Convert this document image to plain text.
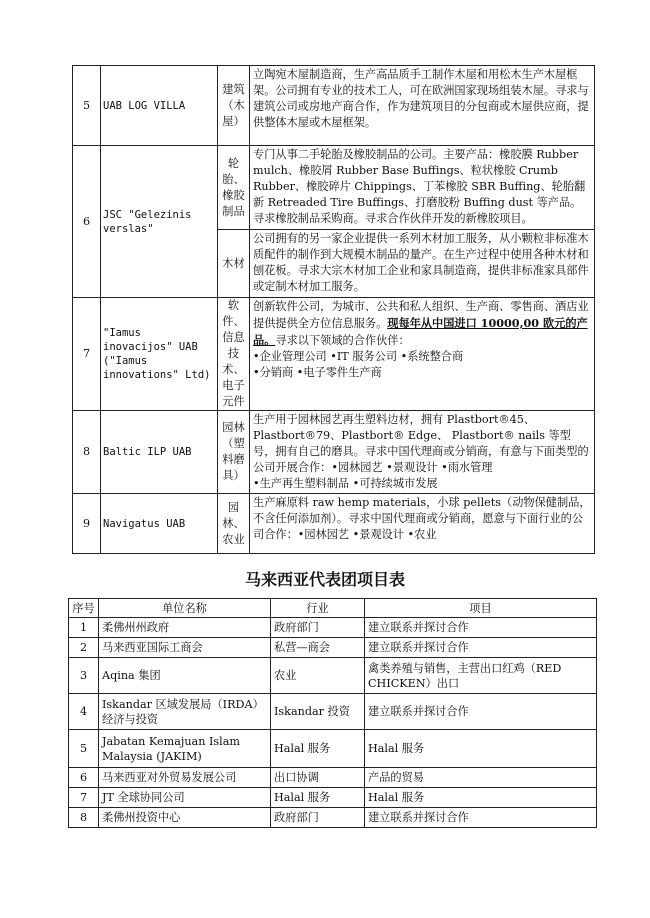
5	UAB LOG VILLA	建筑（木屋）	立陶宛木屋制造商，生产高品质手工制作木屋和用松木生产木屋框架。公司拥有专业的技术工人，可在欧洲国家现场组装木屋。寻求与建筑公司或房地产商合作，作为建筑项目的分包商或木屋供应商，提供整体木屋或木屋框架。
6	JSC "Gelezinis verslas"	轮胎、橡胶制品	专门从事二手轮胎及橡胶制品的公司。主要产品：橡胶膜 Rubber mulch、橡胶屑 Rubber Base Buffings、粒状橡胶 Crumb Rubber、橡胶碎片 Chippings、丁苯橡胶 SBR Buffing、轮胎翻新 Retreaded Tire Buffings、打磨胶粉 Buffing dust 等产品。寻求橡胶制品采购商。寻求合作伙伴开发的新橡胶项目。
		木材	公司拥有的另一家企业提供一系列木材加工服务，从小颗粒非标准木质配件的制作到大规模木制品的量产。在生产过程中使用各种木材和刨花板。寻求大宗木材加工企业和家具制造商，提供非标准家具部件或定制木材加工服务。
7	"Iamus inovacijos" UAB ("Iamus innovations" Ltd)	软件、信息技术、电子元件	创新软件公司，为城市、公共和私人组织、生产商、零售商、酒店业提供提供全方位信息服务。现每年从中国进口 10000,00 欧元的产品。寻求以下领域的合作伙伴：
•企业管理公司 •IT 服务公司 •系统整合商
•分销商 •电子零件生产商

8	Baltic ILP UAB	园林（塑料磨具）	生产用于园林园艺再生塑料边材，拥有 Plastbort®45、Plastbort®79、Plastbort® Edge、 Plastbort® nails 等型号，拥有自己的磨具。寻求中国代理商或分销商，有意与下面类型的公司开展合作：•园林园艺 •景观设计 •雨水管理
•生产再生塑料制品 •可持续城市发展

9	Navigatus UAB	园林、农业	生产麻原料 raw hemp materials，小球 pellets（动物保健制品，不含任何添加剂）。寻求中国代理商或分销商，愿意与下面行业的公司合作：•园林园艺 •景观设计 •农业
马来西亚代表团项目表
序号	单位名称	行业	项目
1	柔佛州州政府	政府部门	建立联系并探讨合作
2	马来西亚国际工商会	私营—商会	建立联系并探讨合作
3	Aqina 集团	农业	禽类养殖与销售，主营出口红鸡（RED CHICKEN）出口
4	Iskandar 区域发展局（IRDA）经济与投资	Iskandar 投资	建立联系并探讨合作
5	Jabatan Kemajuan Islam Malaysia (JAKIM)	Halal 服务	Halal 服务
6	马来西亚对外贸易发展公司	出口协调	产品的贸易
7	JT 全球协同公司	Halal 服务	Halal 服务
8	柔佛州投资中心	政府部门	建立联系并探讨合作
